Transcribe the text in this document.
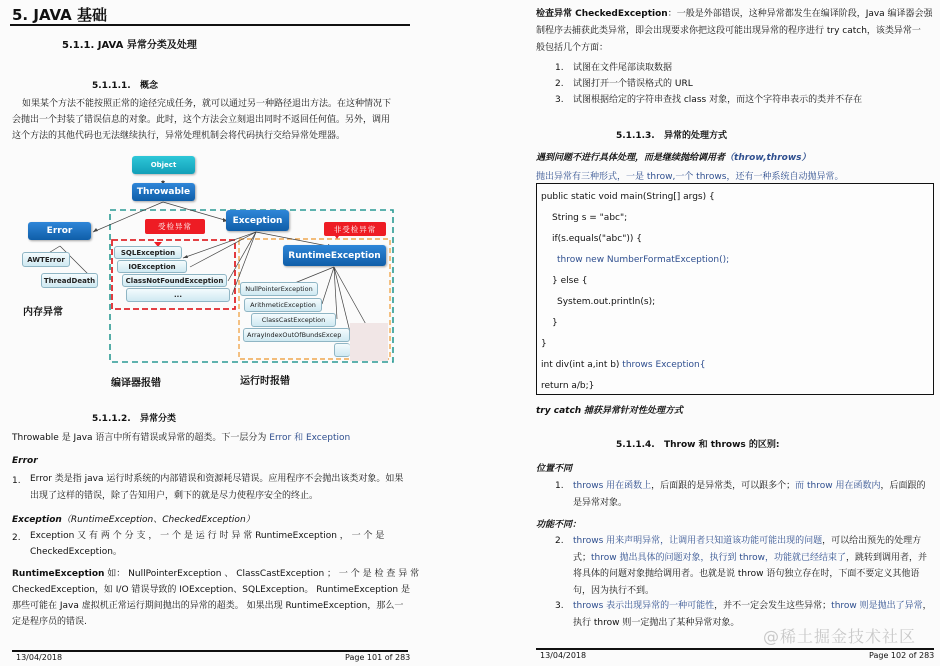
5. JAVA 基础
5.1.1. JAVA 异常分类及处理
5.1.1.1. 概念
如果某个方法不能按照正常的途径完成任务，就可以通过另一种路径退出方法。在这种情况下
会抛出一个封装了错误信息的对象。此时，这个方法会立刻退出同时不返回任何值。另外，调用
这个方法的其他代码也无法继续执行，异常处理机制会将代码执行交给异常处理器。
Object
Throwable
Error
Exception
RuntimeException
受检异常	非受检异常
AWTError
ThreadDeath
SQLException
IOException
ClassNotFoundException
...
NullPointerException
ArithmeticException
ClassCastException
ArrayIndexOutOfBundsExcep
内存异常
编译器报错	运行时报错
5.1.1.2. 异常分类
Throwable 是 Java 语言中所有错误或异常的超类。下一层分为 Error 和 Exception
Error
1. Error 类是指 java 运行时系统的内部错误和资源耗尽错误。应用程序不会抛出该类对象。如果
出现了这样的错误，除了告知用户，剩下的就是尽力使程序安全的终止。
Exception（RuntimeException、CheckedException）
2. Exception 又 有 两 个 分 支 ， 一 个 是 运 行 时 异 常 RuntimeException ， 一 个 是
CheckedException。
RuntimeException 如： NullPointerException 、 ClassCastException ； 一 个 是 检 查 异 常
CheckedException，如 I/O 错误导致的 IOException、SQLException。 RuntimeException 是
那些可能在 Java 虚拟机正常运行期间抛出的异常的超类。 如果出现 RuntimeException，那么一
定是程序员的错误.
13/04/2018	Page 101 of 283
检查异常 CheckedException：一般是外部错误，这种异常都发生在编译阶段，Java 编译器会强
制程序去捕获此类异常，即会出现要求你把这段可能出现异常的程序进行 try catch，该类异常一
般包括几个方面：
1. 试图在文件尾部读取数据
2. 试图打开一个错误格式的 URL
3. 试图根据给定的字符串查找 class 对象，而这个字符串表示的类并不存在
5.1.1.3. 异常的处理方式
遇到问题不进行具体处理，而是继续抛给调用者（throw,throws）
抛出异常有三种形式，一是 throw,一个 throws，还有一种系统自动抛异常。
public static void main(String[] args) {
String s = "abc";
if(s.equals("abc")) {
throw new NumberFormatException();
} else {
System.out.println(s);
}
}
int div(int a,int b) throws Exception{
return a/b;}
try catch 捕获异常针对性处理方式
5.1.1.4. Throw 和 throws 的区别:
位置不同
1. throws 用在函数上，后面跟的是异常类，可以跟多个；而 throw 用在函数内，后面跟的
是异常对象。
功能不同：
2. throws 用来声明异常，让调用者只知道该功能可能出现的问题，可以给出预先的处理方
式；throw 抛出具体的问题对象，执行到 throw，功能就已经结束了，跳转到调用者，并
将具体的问题对象抛给调用者。也就是说 throw 语句独立存在时，下面不要定义其他语
句，因为执行不到。
3. throws 表示出现异常的一种可能性，并不一定会发生这些异常；throw 则是抛出了异常，
执行 throw 则一定抛出了某种异常对象。
13/04/2018	Page 102 of 283
@稀土掘金技术社区
